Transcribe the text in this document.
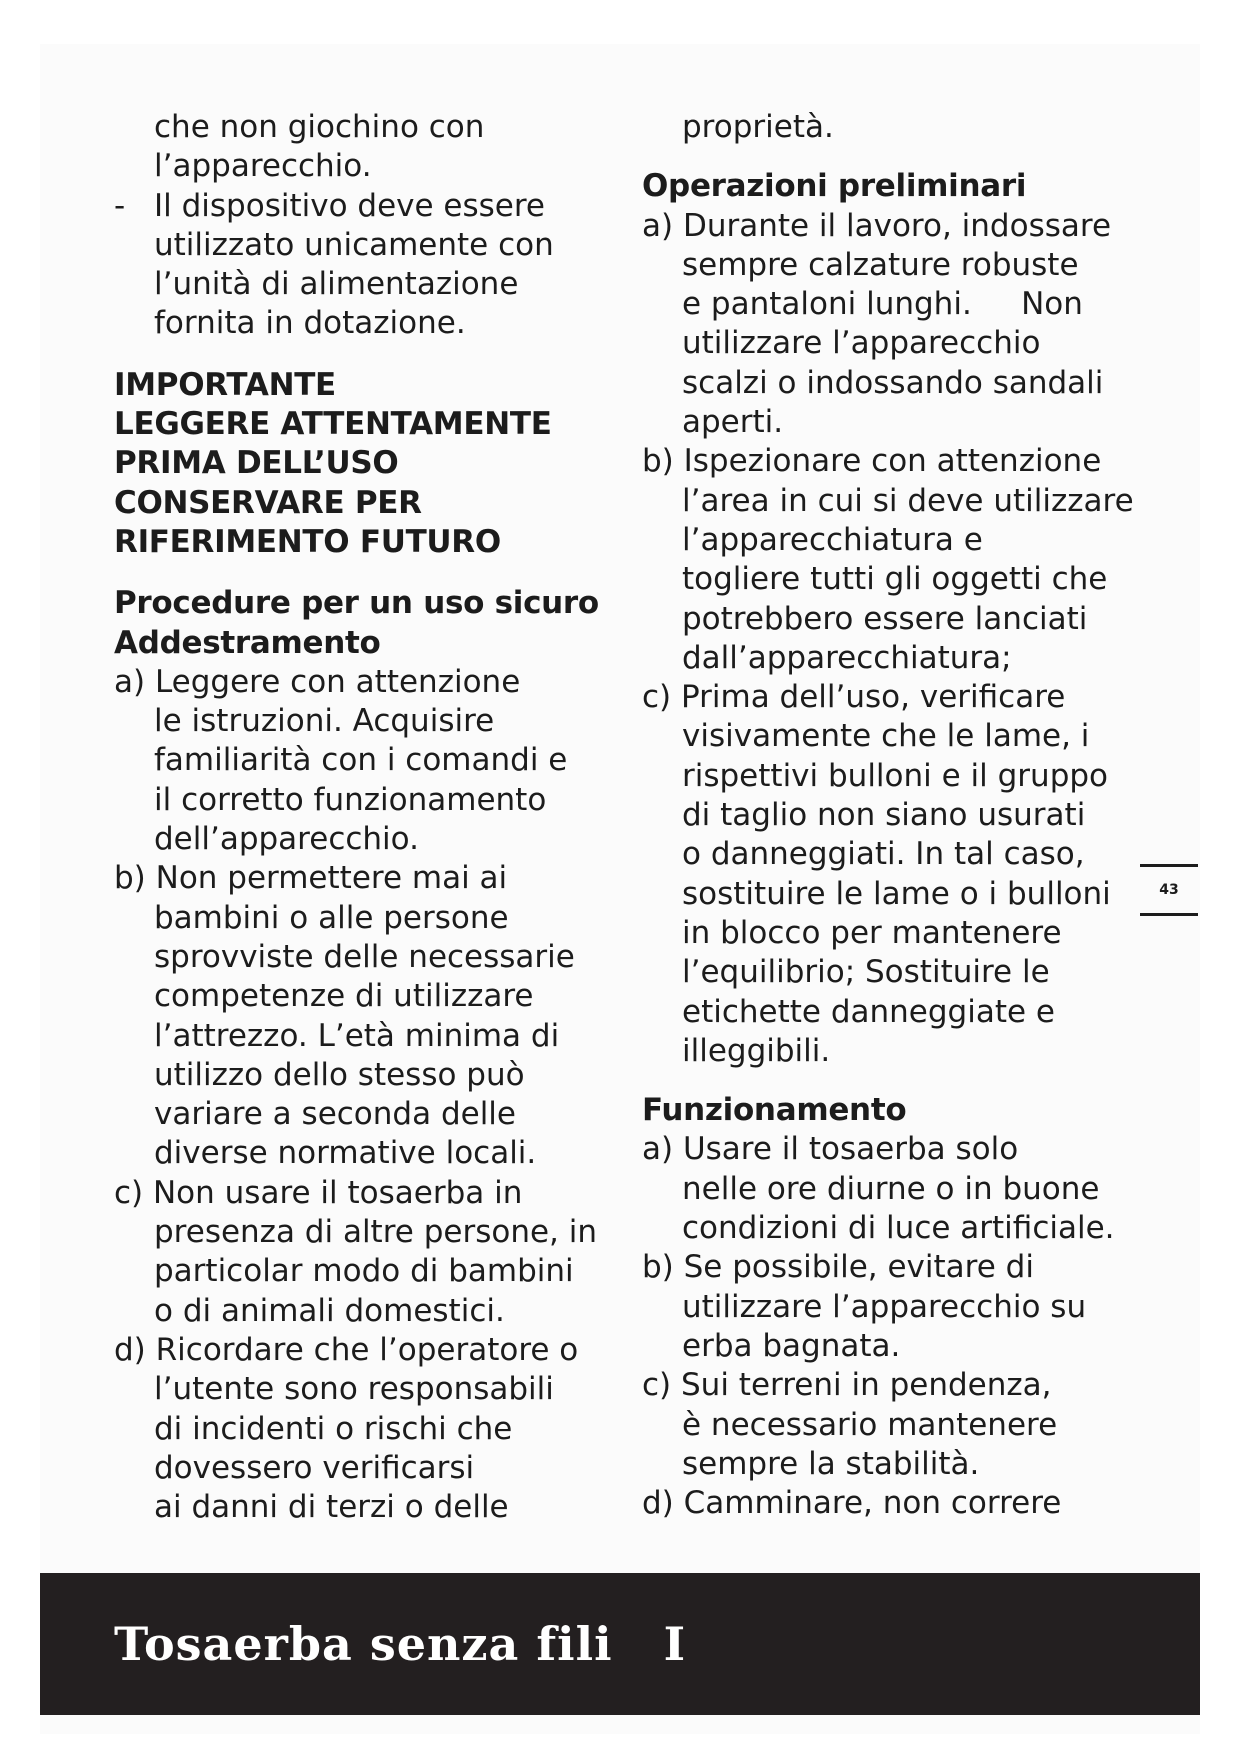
che non giochino con
l’apparecchio.
- Il dispositivo deve essere
utilizzato unicamente con
l’unità di alimentazione
fornita in dotazione.
IMPORTANTE
LEGGERE ATTENTAMENTE
PRIMA DELL’USO
CONSERVARE PER
RIFERIMENTO FUTURO
Procedure per un uso sicuro
Addestramento
a) Leggere con attenzione
le istruzioni. Acquisire
familiarità con i comandi e
il corretto funzionamento
dell’apparecchio.
b) Non permettere mai ai
bambini o alle persone
sprovviste delle necessarie
competenze di utilizzare
l’attrezzo. L’età minima di
utilizzo dello stesso può
variare a seconda delle
diverse normative locali.
c) Non usare il tosaerba in
presenza di altre persone, in
particolar modo di bambini
o di animali domestici.
d) Ricordare che l’operatore o
l’utente sono responsabili
di incidenti o rischi che
dovessero verificarsi
ai danni di terzi o delle
proprietà.
Operazioni preliminari
a) Durante il lavoro, indossare
sempre calzature robuste
e pantaloni lunghi.     Non
utilizzare l’apparecchio
scalzi o indossando sandali
aperti.
b) Ispezionare con attenzione
l’area in cui si deve utilizzare
l’apparecchiatura e
togliere tutti gli oggetti che
potrebbero essere lanciati
dall’apparecchiatura;
c) Prima dell’uso, verificare
visivamente che le lame, i
rispettivi bulloni e il gruppo
di taglio non siano usurati
o danneggiati. In tal caso,
sostituire le lame o i bulloni
in blocco per mantenere
l’equilibrio; Sostituire le
etichette danneggiate e
illeggibili.
Funzionamento
a) Usare il tosaerba solo
nelle ore diurne o in buone
condizioni di luce artificiale.
b) Se possibile, evitare di
utilizzare l’apparecchio su
erba bagnata.
c) Sui terreni in pendenza,
è necessario mantenere
sempre la stabilità.
d) Camminare, non correre
43
Tosaerba senza fili   I
